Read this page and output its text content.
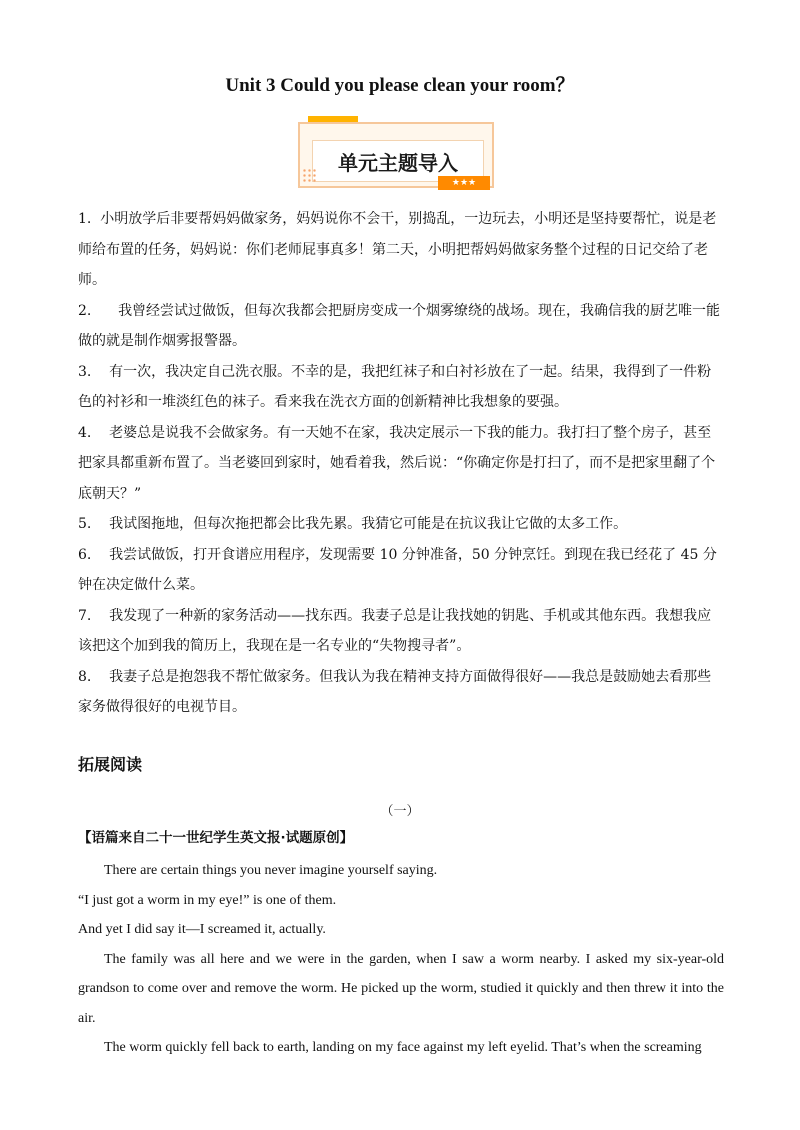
Unit 3 Could you please clean your room？
单元主题导入
★★★

1. 小明放学后非要帮妈妈做家务，妈妈说你不会干，别捣乱，一边玩去，小明还是坚持要帮忙，说是老师给布置的任务，妈妈说：你们老师屁事真多！第二天，小明把帮妈妈做家务整个过程的日记交给了老师。

2. 我曾经尝试过做饭，但每次我都会把厨房变成一个烟雾缭绕的战场。现在，我确信我的厨艺唯一能做的就是制作烟雾报警器。

3. 有一次，我决定自己洗衣服。不幸的是，我把红袜子和白衬衫放在了一起。结果，我得到了一件粉色的衬衫和一堆淡红色的袜子。看来我在洗衣方面的创新精神比我想象的要强。

4. 老婆总是说我不会做家务。有一天她不在家，我决定展示一下我的能力。我打扫了整个房子，甚至把家具都重新布置了。当老婆回到家时，她看着我，然后说：“你确定你是打扫了，而不是把家里翻了个底朝天？”

5. 我试图拖地，但每次拖把都会比我先累。我猜它可能是在抗议我让它做的太多工作。

6. 我尝试做饭，打开食谱应用程序，发现需要 10 分钟准备，50 分钟烹饪。到现在我已经花了 45 分钟在决定做什么菜。

7. 我发现了一种新的家务活动——找东西。我妻子总是让我找她的钥匙、手机或其他东西。我想我应该把这个加到我的简历上，我现在是一名专业的“失物搜寻者”。

8. 我妻子总是抱怨我不帮忙做家务。但我认为我在精神支持方面做得很好——我总是鼓励她去看那些家务做得很好的电视节目。

拓展阅读
（一）
【语篇来自二十一世纪学生英文报·试题原创】

There are certain things you never imagine yourself saying.

“I just got a worm in my eye!” is one of them.

And yet I did say it—I screamed it, actually.

The family was all here and we were in the garden, when I saw a worm nearby. I asked my six-year-old grandson to come over and remove the worm. He picked up the worm, studied it quickly and then threw it into the air.

The worm quickly fell back to earth, landing on my face against my left eyelid. That’s when the screaming
